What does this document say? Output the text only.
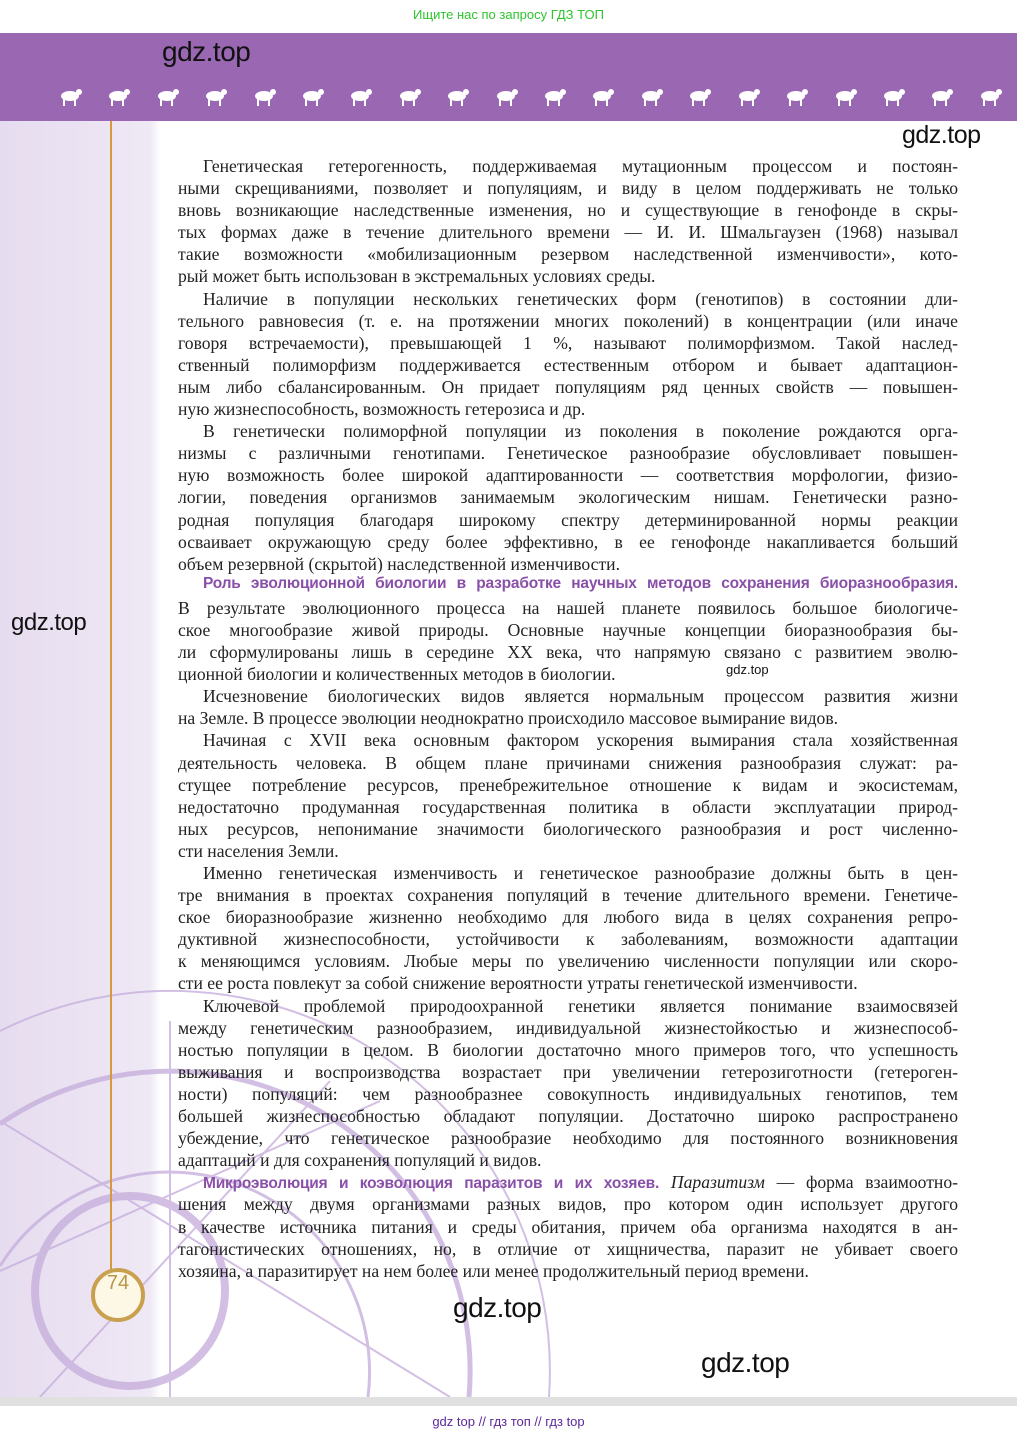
Ищите нас по запросу ГДЗ ТОП
gdz.top
gdz.top
gdz.top
gdz.top
gdz.top
gdz.top
Генетическая гетерогенность, поддерживаемая мутационным процессом и постоян-
ными скрещиваниями, позволяет и популяциям, и виду в целом поддерживать не только
вновь возникающие наследственные изменения, но и существующие в генофонде в скры-
тых формах даже в течение длительного времени — И. И. Шмальгаузен (1968) называл
такие возможности «мобилизационным резервом наследственной изменчивости», кото-
рый может быть использован в экстремальных условиях среды.
Наличие в популяции нескольких генетических форм (генотипов) в состоянии дли-
тельного равновесия (т. е. на протяжении многих поколений) в концентрации (или иначе
говоря встречаемости), превышающей 1 %, называют полиморфизмом. Такой наслед-
ственный полиморфизм поддерживается естественным отбором и бывает адаптацион-
ным либо сбалансированным. Он придает популяциям ряд ценных свойств — повышен-
ную жизнеспособность, возможность гетерозиса и др.
В генетически полиморфной популяции из поколения в поколение рождаются орга-
низмы с различными генотипами. Генетическое разнообразие обусловливает повышен-
ную возможность более широкой адаптированности — соответствия морфологии, физио-
логии, поведения организмов занимаемым экологическим нишам. Генетически разно-
родная популяция благодаря широкому спектру детерминированной нормы реакции
осваивает окружающую среду более эффективно, в ее генофонде накапливается больший
объем резервной (скрытой) наследственной изменчивости.
Роль эволюционной биологии в разработке научных методов сохранения биоразнообразия.
В результате эволюционного процесса на нашей планете появилось большое биологиче-
ское многообразие живой природы. Основные научные концепции биоразнообразия бы-
ли сформулированы лишь в середине XX века, что напрямую связано с развитием эволю-
ционной биологии и количественных методов в биологии.
Исчезновение биологических видов является нормальным процессом развития жизни
на Земле. В процессе эволюции неоднократно происходило массовое вымирание видов.
Начиная с XVII века основным фактором ускорения вымирания стала хозяйственная
деятельность человека. В общем плане причинами снижения разнообразия служат: ра-
стущее потребление ресурсов, пренебрежительное отношение к видам и экосистемам,
недостаточно продуманная государственная политика в области эксплуатации природ-
ных ресурсов, непонимание значимости биологического разнообразия и рост численно-
сти населения Земли.
Именно генетическая изменчивость и генетическое разнообразие должны быть в цен-
тре внимания в проектах сохранения популяций в течение длительного времени. Генетиче-
ское биоразнообразие жизненно необходимо для любого вида в целях сохранения репро-
дуктивной жизнеспособности, устойчивости к заболеваниям, возможности адаптации
к меняющимся условиям. Любые меры по увеличению численности популяции или скоро-
сти ее роста повлекут за собой снижение вероятности утраты генетической изменчивости.
Ключевой проблемой природоохранной генетики является понимание взаимосвязей
между генетическим разнообразием, индивидуальной жизнестойкостью и жизнеспособ-
ностью популяции в целом. В биологии достаточно много примеров того, что успешность
выживания и воспроизводства возрастает при увеличении гетерозиготности (гетероген-
ности) популяций: чем разнообразнее совокупность индивидуальных генотипов, тем
большей жизнеспособностью обладают популяции. Достаточно широко распространено
убеждение, что генетическое разнообразие необходимо для постоянного возникновения
адаптаций и для сохранения популяций и видов.
Микроэволюция и коэволюция паразитов и их хозяев. Паразитизм — форма взаимоотно-
шения между двумя организмами разных видов, про котором один использует другого
в качестве источника питания и среды обитания, причем оба организма находятся в ан-
тагонистических отношениях, но, в отличие от хищничества, паразит не убивает своего
хозяина, а паразитирует на нем более или менее продолжительный период времени.
74
gdz top // гдз топ // гдз top
